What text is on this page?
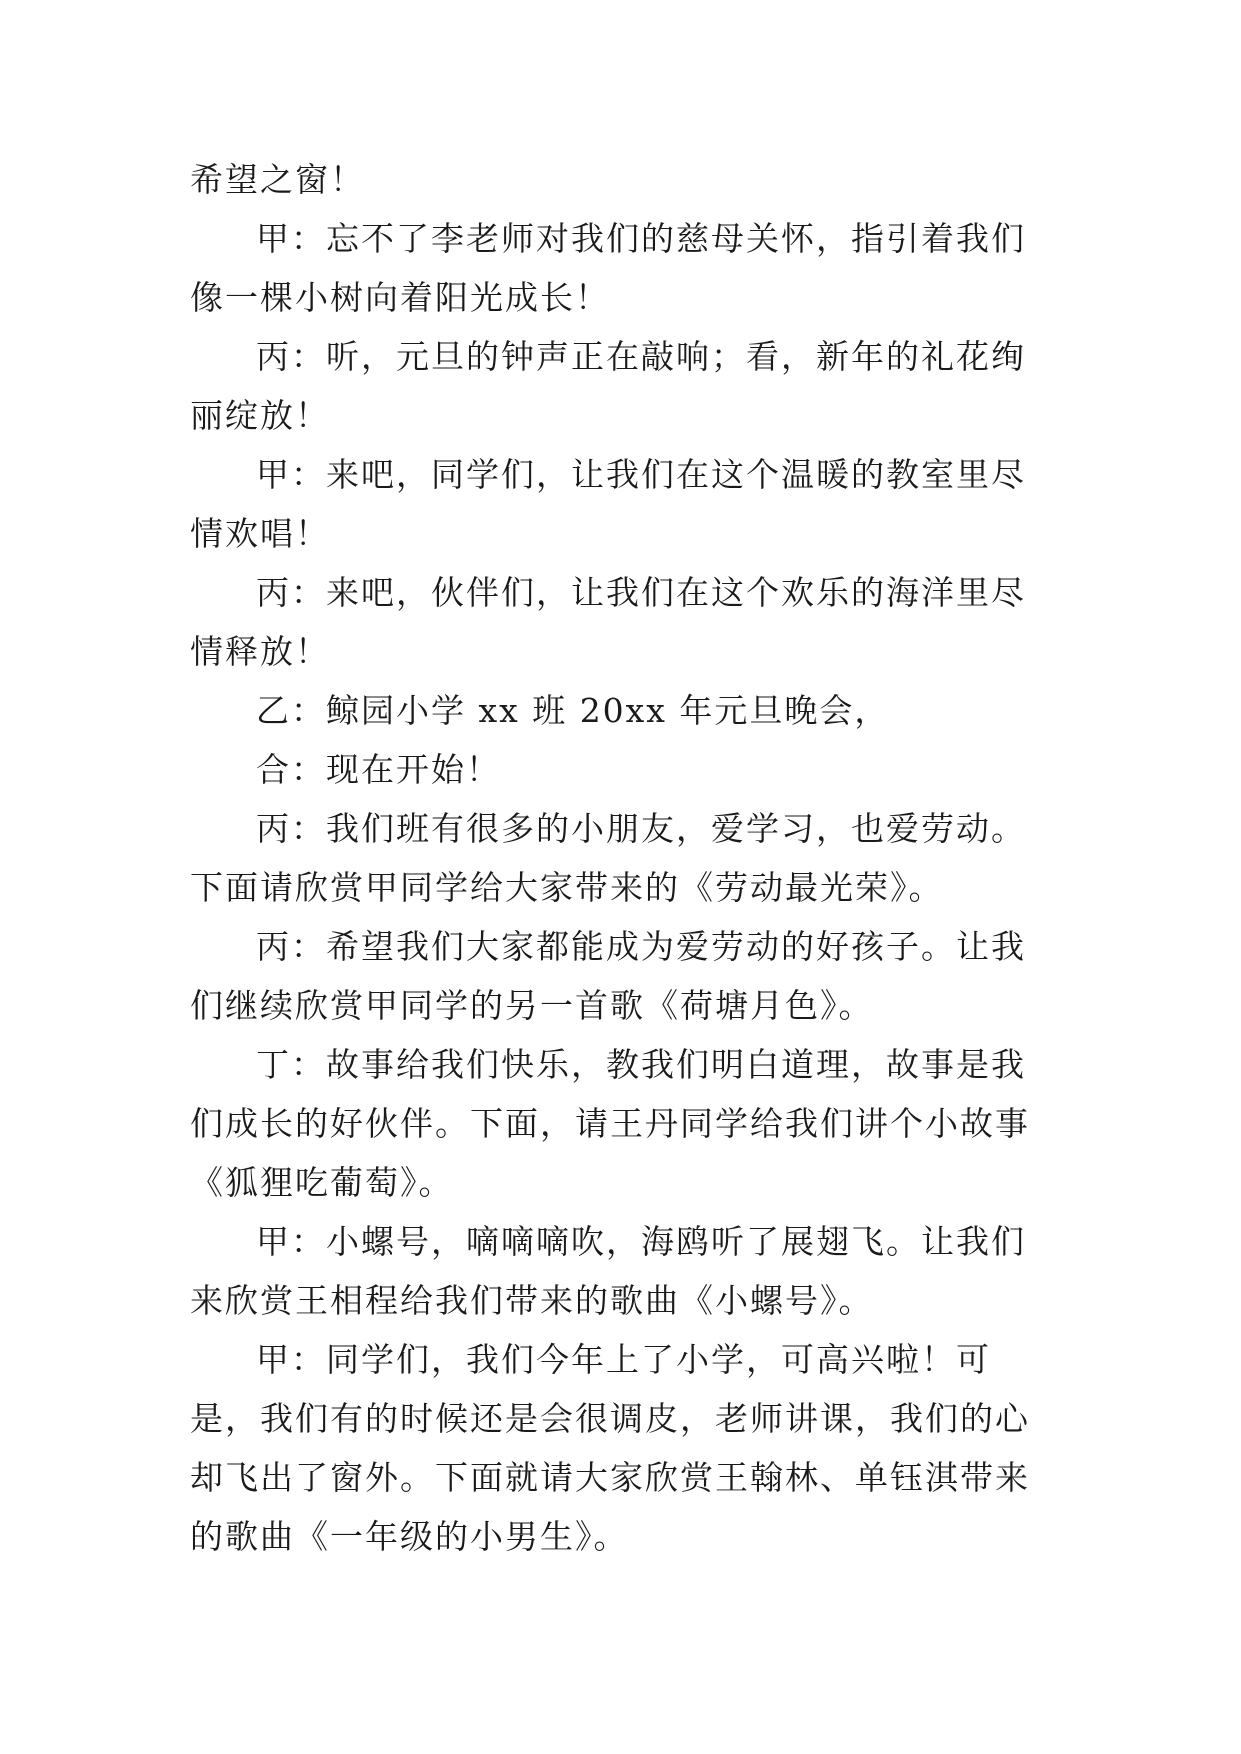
希望之窗！

甲：忘不了李老师对我们的慈母关怀，指引着我们像一棵小树向着阳光成长！

丙：听，元旦的钟声正在敲响；看，新年的礼花绚丽绽放！

甲：来吧，同学们，让我们在这个温暖的教室里尽情欢唱！

丙：来吧，伙伴们，让我们在这个欢乐的海洋里尽情释放！

乙：鲸园小学 xx 班 20xx 年元旦晚会，

合：现在开始！

丙：我们班有很多的小朋友，爱学习，也爱劳动。下面请欣赏甲同学给大家带来的《劳动最光荣》。

丙：希望我们大家都能成为爱劳动的好孩子。让我们继续欣赏甲同学的另一首歌《荷塘月色》。

丁：故事给我们快乐，教我们明白道理，故事是我们成长的好伙伴。下面，请王丹同学给我们讲个小故事《狐狸吃葡萄》。

甲：小螺号，嘀嘀嘀吹，海鸥听了展翅飞。让我们来欣赏王相程给我们带来的歌曲《小螺号》。

甲：同学们，我们今年上了小学，可高兴啦！可是，我们有的时候还是会很调皮，老师讲课，我们的心却飞出了窗外。下面就请大家欣赏王翰林、单钰淇带来的歌曲《一年级的小男生》。
